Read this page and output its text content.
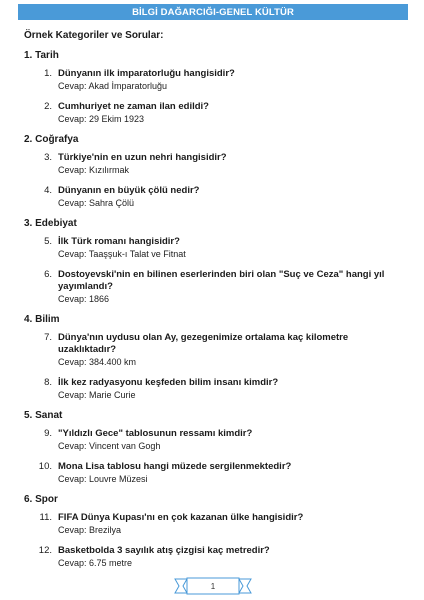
BİLGİ DAĞARCIĞI-GENEL KÜLTÜR
Örnek Kategoriler ve Sorular:
1. Tarih
1. Dünyanın ilk imparatorluğu hangisidir?
Cevap: Akad İmparatorluğu
2. Cumhuriyet ne zaman ilan edildi?
Cevap: 29 Ekim 1923
2. Coğrafya
3. Türkiye'nin en uzun nehri hangisidir?
Cevap: Kızılırmak
4. Dünyanın en büyük çölü nedir?
Cevap: Sahra Çölü
3. Edebiyat
5. İlk Türk romanı hangisidir?
Cevap: Taaşşuk-ı Talat ve Fitnat
6. Dostoyevski'nin en bilinen eserlerinden biri olan "Suç ve Ceza" hangi yıl yayımlandı?
Cevap: 1866
4. Bilim
7. Dünya'nın uydusu olan Ay, gezegenimize ortalama kaç kilometre uzaklıktadır?
Cevap: 384.400 km
8. İlk kez radyasyonu keşfeden bilim insanı kimdir?
Cevap: Marie Curie
5. Sanat
9. "Yıldızlı Gece" tablosunun ressamı kimdir?
Cevap: Vincent van Gogh
10. Mona Lisa tablosu hangi müzede sergilenmektedir?
Cevap: Louvre Müzesi
6. Spor
11. FIFA Dünya Kupası'nı en çok kazanan ülke hangisidir?
Cevap: Brezilya
12. Basketbolda 3 sayılık atış çizgisi kaç metredir?
Cevap: 6.75 metre
1
